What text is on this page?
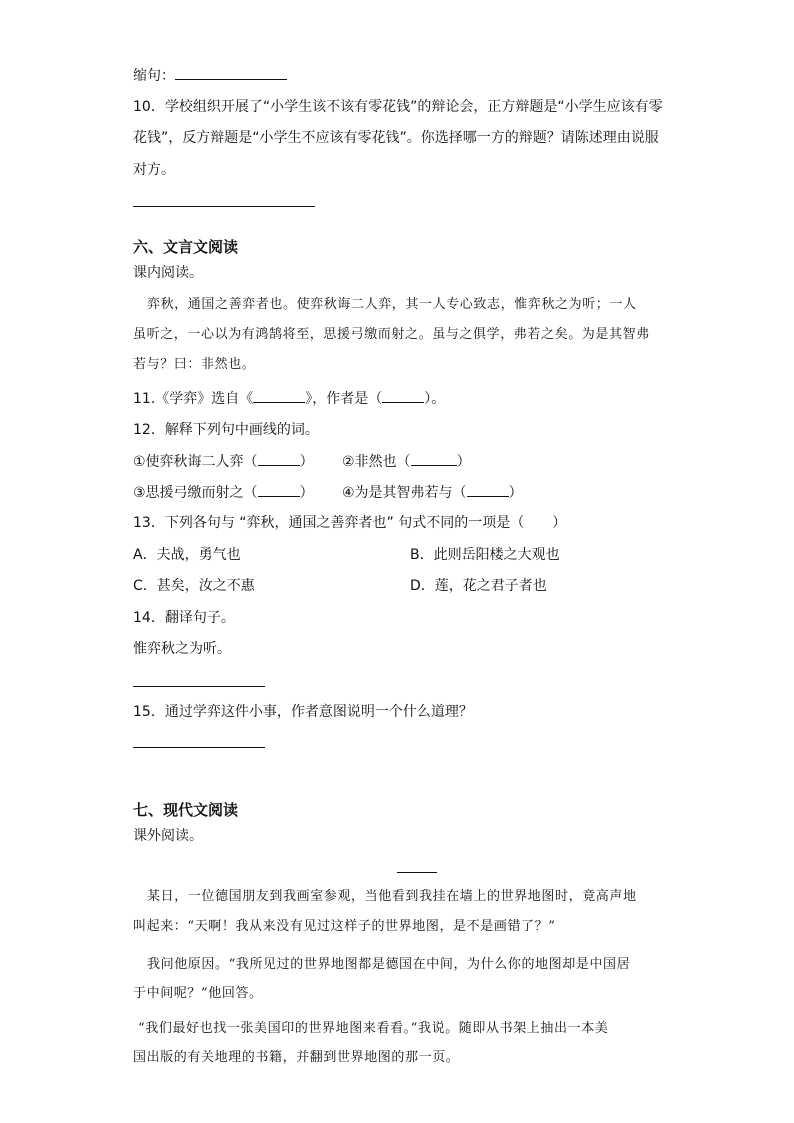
缩句：
10．学校组织开展了“小学生该不该有零花钱”的辩论会，正方辩题是“小学生应该有零
花钱”，反方辩题是“小学生不应该有零花钱”。你选择哪一方的辩题？请陈述理由说服
对方。
六、文言文阅读
课内阅读。
弈秋，通国之善弈者也。使弈秋诲二人弈，其一人专心致志，惟弈秋之为听；一人
虽听之，一心以为有鸿鹄将至，思援弓缴而射之。虽与之俱学，弗若之矣。为是其智弗
若与？曰：非然也。
11.《学弈》选自《	》，作者是（	）。
12．解释下列句中画线的词。
①使弈秋诲二人弈（	） ②非然也（	）
③思援弓缴而射之（	） ④为是其智弗若与（	）
13．下列各句与 “弈秋，通国之善弈者也” 句式不同的一项是（　　）
A．夫战，勇气也	B．此则岳阳楼之大观也
C．甚矣，汝之不惠	D．莲，花之君子者也
14．翻译句子。
惟弈秋之为听。
15．通过学弈这件小事，作者意图说明一个什么道理？
七、现代文阅读
课外阅读。
某日，一位德国朋友到我画室参观，当他看到我挂在墙上的世界地图时，竟高声地
叫起来：“天啊！我从来没有见过这样子的世界地图，是不是画错了？”
我问他原因。“我所见过的世界地图都是德国在中间，为什么你的地图却是中国居
于中间呢？”他回答。
“我们最好也找一张美国印的世界地图来看看。”我说。随即从书架上抽出一本美
国出版的有关地理的书籍，并翻到世界地图的那一页。
